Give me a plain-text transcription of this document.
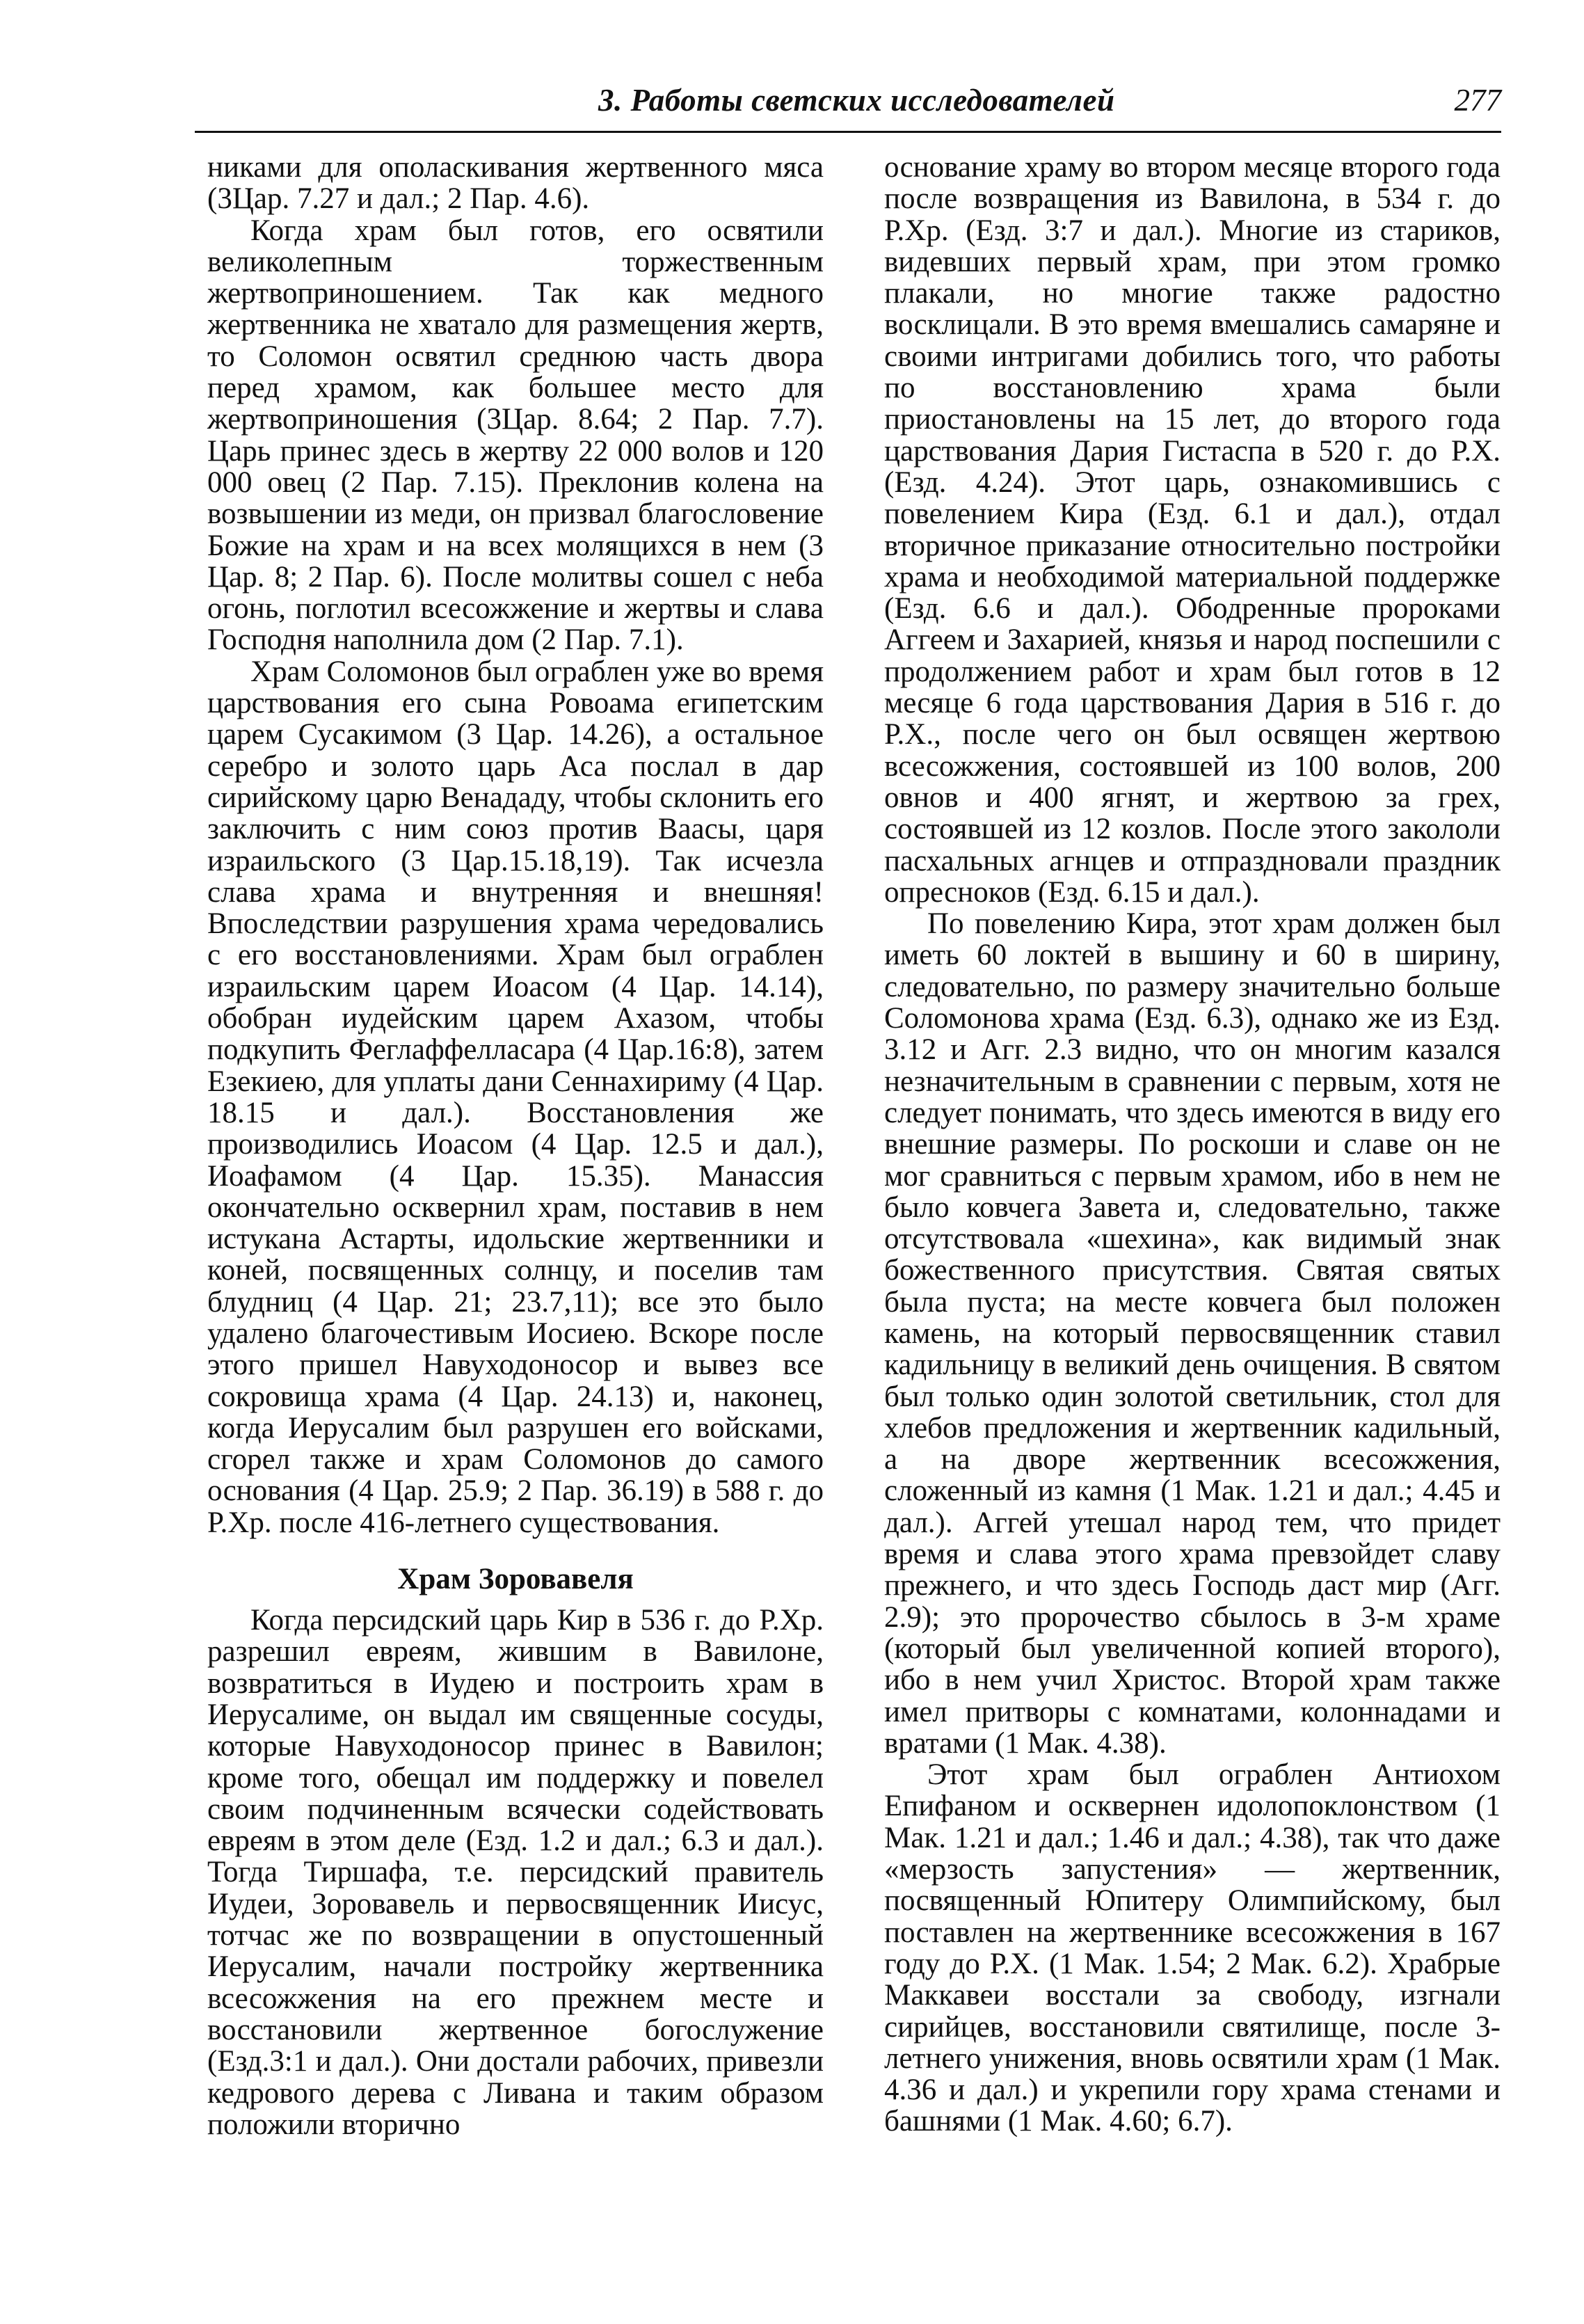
3. Работы светских исследователей	277

никами для ополаскивания жертвенного мяса (3Цар. 7.27 и дал.; 2 Пар. 4.6).

Когда храм был готов, его освятили великолепным торжественным жертвоприношением. Так как медного жертвенника не хватало для размещения жертв, то Соломон освятил среднюю часть двора перед храмом, как большее место для жертвоприношения (3Цар. 8.64; 2 Пар. 7.7). Царь принес здесь в жертву 22 000 волов и 120 000 овец (2 Пар. 7.15). Преклонив колена на возвышении из меди, он призвал благословение Божие на храм и на всех молящихся в нем (3 Цар. 8; 2 Пар. 6). После молитвы сошел с неба огонь, поглотил всесожжение и жертвы и слава Господня наполнила дом (2 Пар. 7.1).

Храм Соломонов был ограблен уже во время царствования его сына Ровоама египетским царем Сусакимом (3 Цар. 14.26), а остальное серебро и золото царь Аса послал в дар сирийскому царю Венададу, чтобы склонить его заключить с ним союз против Ваасы, царя израильского (3 Цар.15.18,19). Так исчезла слава храма и внутренняя и внешняя! Впоследствии разрушения храма чередовались с его восстановлениями. Храм был ограблен израильским царем Иоасом (4 Цар. 14.14), обобран иудейским царем Ахазом, чтобы подкупить Феглаффелласара (4 Цар.16:8), затем Езекиею, для уплаты дани Сеннахириму (4 Цар. 18.15 и дал.). Восстановления же производились Иоасом (4 Цар. 12.5 и дал.), Иоафамом (4 Цар. 15.35). Манассия окончательно осквернил храм, поставив в нем истукана Астарты, идольские жертвенники и коней, посвященных солнцу, и поселив там блудниц (4 Цар. 21; 23.7,11); все это было удалено благочестивым Иосиею. Вскоре после этого пришел Навуходоносор и вывез все сокровища храма (4 Цар. 24.13) и, наконец, когда Иерусалим был разрушен его войсками, сгорел также и храм Соломонов до самого основания (4 Цар. 25.9; 2 Пар. 36.19) в 588 г. до Р.Хр. после 416-летнего существования.

Храм Зоровавеля

Когда персидский царь Кир в 536 г. до Р.Хр. разрешил евреям, жившим в Вавилоне, возвратиться в Иудею и построить храм в Иерусалиме, он выдал им священные сосуды, которые Навуходоносор принес в Вавилон; кроме того, обещал им поддержку и повелел своим подчиненным всячески содействовать евреям в этом деле (Езд. 1.2 и дал.; 6.3 и дал.). Тогда Тиршафа, т.е. персидский правитель Иудеи, Зоровавель и первосвященник Иисус, тотчас же по возвращении в опустошенный Иерусалим, начали постройку жертвенника всесожжения на его прежнем месте и восстановили жертвенное богослужение (Езд.3:1 и дал.). Они достали рабочих, привезли кедрового дерева с Ливана и таким образом положили вторично

основание храму во втором месяце второго года после возвращения из Вавилона, в 534 г. до Р.Хр. (Езд. 3:7 и дал.). Многие из стариков, видевших первый храм, при этом громко плакали, но многие также радостно восклицали. В это время вмешались самаряне и своими интригами добились того, что работы по восстановлению храма были приостановлены на 15 лет, до второго года царствования Дария Гистаспа в 520 г. до Р.Х. (Езд. 4.24). Этот царь, ознакомившись с повелением Кира (Езд. 6.1 и дал.), отдал вторичное приказание относительно постройки храма и необходимой материальной поддержке (Езд. 6.6 и дал.). Ободренные пророками Аггеем и Захарией, князья и народ поспешили с продолжением работ и храм был готов в 12 месяце 6 года царствования Дария в 516 г. до Р.Х., после чего он был освящен жертвою всесожжения, состоявшей из 100 волов, 200 овнов и 400 ягнят, и жертвою за грех, состоявшей из 12 козлов. После этого закололи пасхальных агнцев и отпраздновали праздник опресноков (Езд. 6.15 и дал.).

По повелению Кира, этот храм должен был иметь 60 локтей в вышину и 60 в ширину, следовательно, по размеру значительно больше Соломонова храма (Езд. 6.3), однако же из Езд. 3.12 и Агг. 2.3 видно, что он многим казался незначительным в сравнении с первым, хотя не следует понимать, что здесь имеются в виду его внешние размеры. По роскоши и славе он не мог сравниться с первым храмом, ибо в нем не было ковчега Завета и, следовательно, также отсутствовала «шехина», как видимый знак божественного присутствия. Святая святых была пуста; на месте ковчега был положен камень, на который первосвященник ставил кадильницу в великий день очищения. В святом был только один золотой светильник, стол для хлебов предложения и жертвенник кадильный, а на дворе жертвенник всесожжения, сложенный из камня (1 Мак. 1.21 и дал.; 4.45 и дал.). Аггей утешал народ тем, что придет время и слава этого храма превзойдет славу прежнего, и что здесь Господь даст мир (Агг. 2.9); это пророчество сбылось в 3-м храме (который был увеличенной копией второго), ибо в нем учил Христос. Второй храм также имел притворы с комнатами, колоннадами и вратами (1 Мак. 4.38).

Этот храм был ограблен Антиохом Епифаном и осквернен идолопоклонством (1 Мак. 1.21 и дал.; 1.46 и дал.; 4.38), так что даже «мерзость запустения» — жертвенник, посвященный Юпитеру Олимпийскому, был поставлен на жертвеннике всесожжения в 167 году до Р.Х. (1 Мак. 1.54; 2 Мак. 6.2). Храбрые Маккавеи восстали за свободу, изгнали сирийцев, восстановили святилище, после 3-летнего унижения, вновь освятили храм (1 Мак. 4.36 и дал.) и укрепили гору храма стенами и башнями (1 Мак. 4.60; 6.7).
